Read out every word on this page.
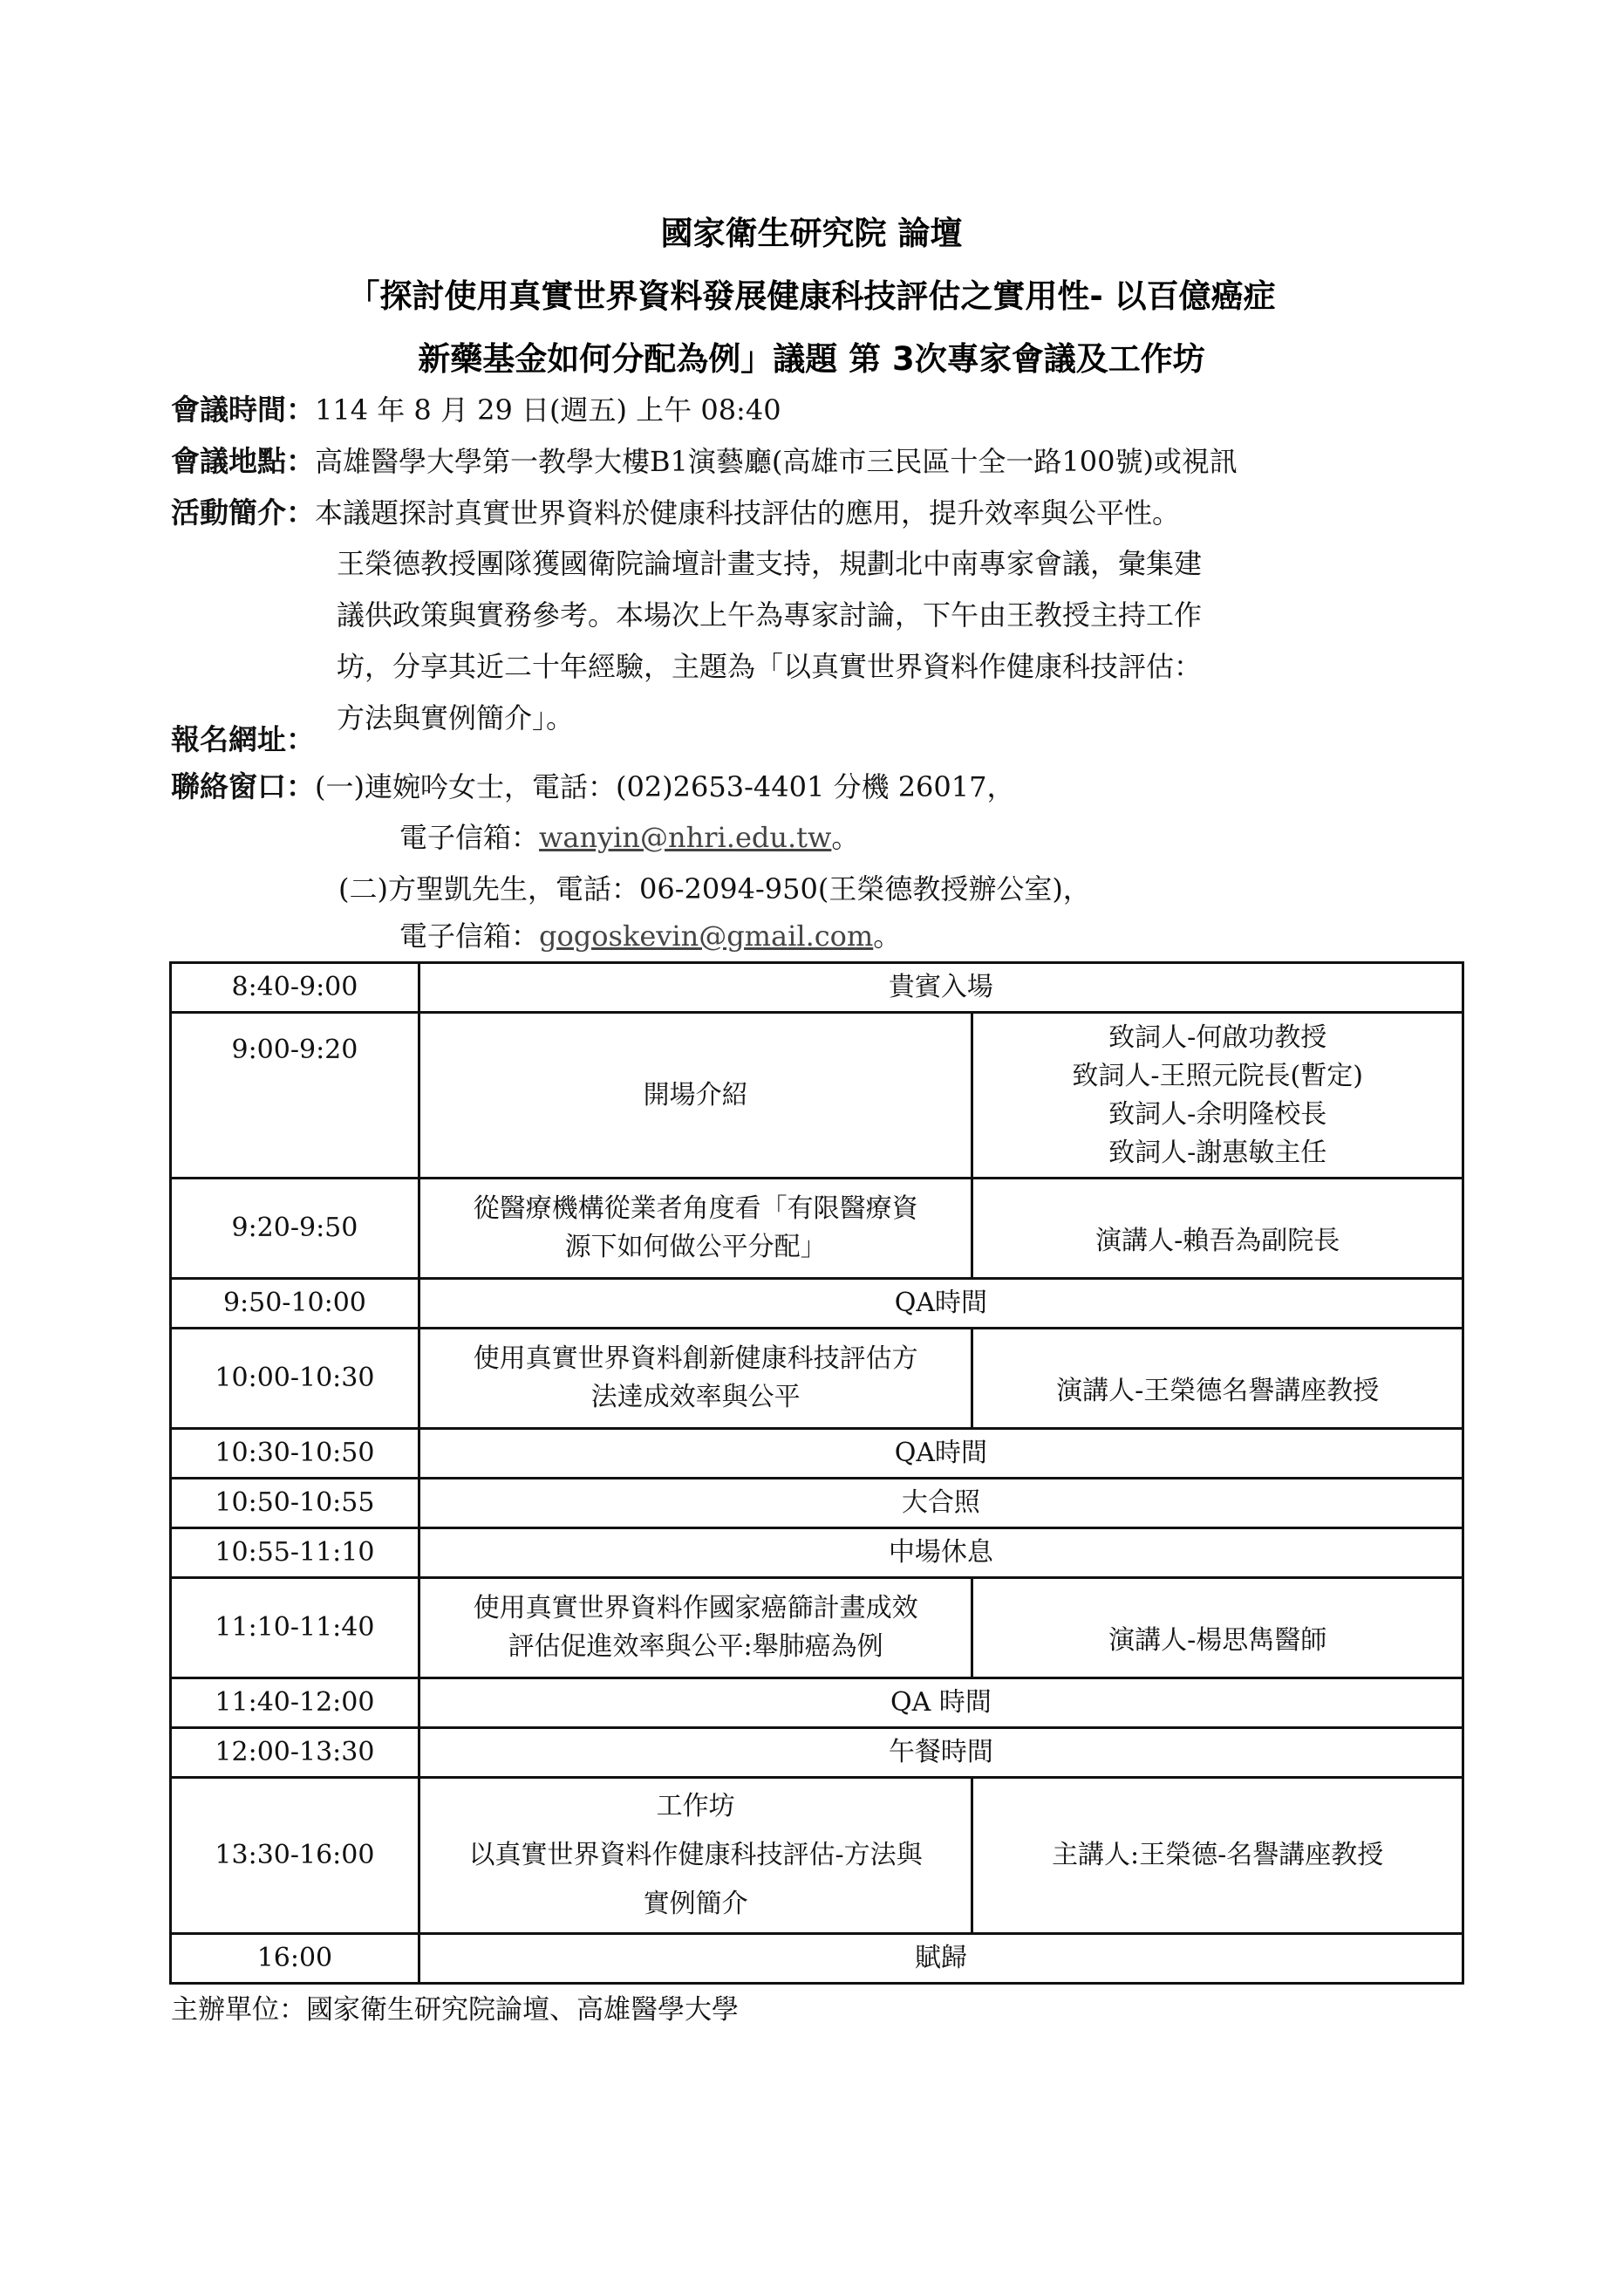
國家衛生研究院 論壇
「探討使用真實世界資料發展健康科技評估之實用性- 以百億癌症
新藥基金如何分配為例」議題 第 3次專家會議及工作坊
會議時間：114 年 8 月 29 日(週五) 上午 08:40
會議地點：高雄醫學大學第一教學大樓B1演藝廳(高雄市三民區十全一路100號)或視訊
活動簡介：本議題探討真實世界資料於健康科技評估的應用，提升效率與公平性。
王榮德教授團隊獲國衛院論壇計畫支持，規劃北中南專家會議，彙集建
議供政策與實務參考。本場次上午為專家討論，下午由王教授主持工作
坊，分享其近二十年經驗，主題為「以真實世界資料作健康科技評估：
方法與實例簡介」。
報名網址：
聯絡窗口：(一)連婉吟女士，電話：(02)2653-4401 分機 26017，
電子信箱：wanyin@nhri.edu.tw。
(二)方聖凱先生，電話：06-2094-950(王榮德教授辦公室)，
電子信箱：gogoskevin@gmail.com。
8:40-9:00	貴賓入場	
9:00-9:20	開場介紹	致詞人-何啟功教授
致詞人-王照元院長(暫定)
致詞人-余明隆校長
致詞人-謝惠敏主任

9:20-9:50	從醫療機構從業者角度看「有限醫療資
源下如何做公平分配」	演講人-賴吾為副院長
9:50-10:00	QA時間	
10:00-10:30	使用真實世界資料創新健康科技評估方
法達成效率與公平	演講人-王榮德名譽講座教授
10:30-10:50	QA時間	
10:50-10:55	大合照	
10:55-11:10	中場休息	
11:10-11:40	使用真實世界資料作國家癌篩計畫成效
評估促進效率與公平:舉肺癌為例	演講人-楊思雋醫師
11:40-12:00	QA 時間	
12:00-13:30	午餐時間	
13:30-16:00	工作坊
以真實世界資料作健康科技評估-方法與
實例簡介	主講人:王榮德-名譽講座教授
16:00	賦歸	
主辦單位：國家衛生研究院論壇、高雄醫學大學
